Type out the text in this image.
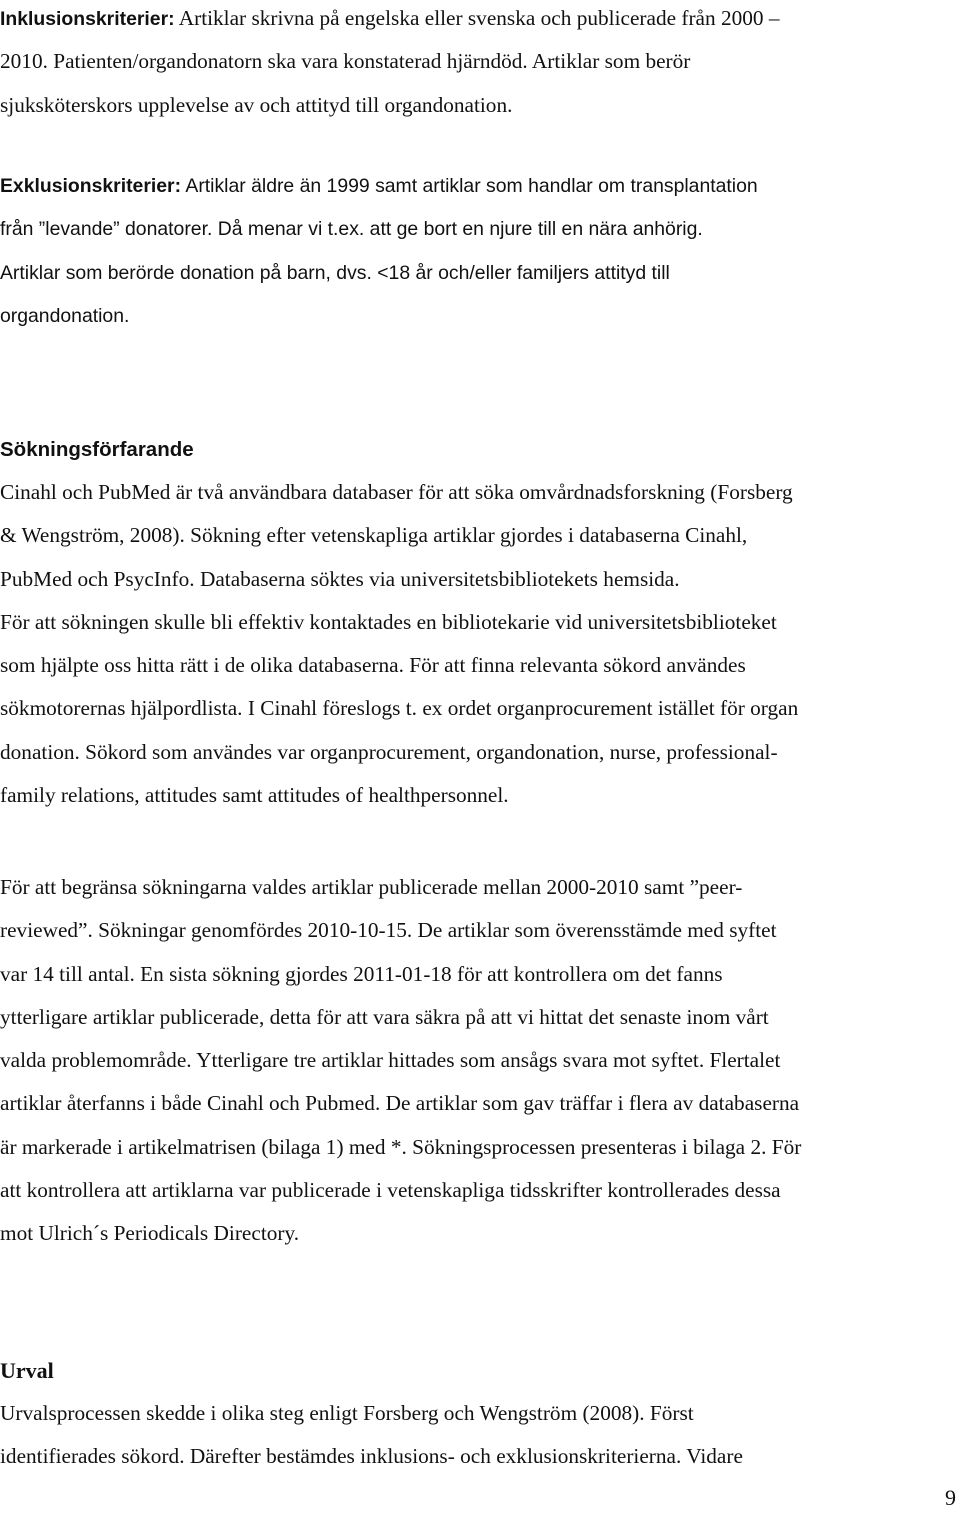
Inklusionskriterier: Artiklar skrivna på engelska eller svenska och publicerade från 2000 –
2010. Patienten/organdonatorn ska vara konstaterad hjärndöd. Artiklar som berör
sjuksköterskors upplevelse av och attityd till organdonation.
Exklusionskriterier: Artiklar äldre än 1999 samt artiklar som handlar om transplantation
från ”levande” donatorer. Då menar vi t.ex. att ge bort en njure till en nära anhörig.
Artiklar som berörde donation på barn, dvs. <18 år och/eller familjers attityd till
organdonation.
Sökningsförfarande
Cinahl och PubMed är två användbara databaser för att söka omvårdnadsforskning (Forsberg
& Wengström, 2008). Sökning efter vetenskapliga artiklar gjordes i databaserna Cinahl,
PubMed och PsycInfo. Databaserna söktes via universitetsbibliotekets hemsida.
För att sökningen skulle bli effektiv kontaktades en bibliotekarie vid universitetsbiblioteket
som hjälpte oss hitta rätt i de olika databaserna. För att finna relevanta sökord användes
sökmotorernas hjälpordlista. I Cinahl föreslogs t. ex ordet organprocurement istället för organ
donation. Sökord som användes var organprocurement, organdonation, nurse, professional-
family relations, attitudes samt attitudes of healthpersonnel.
För att begränsa sökningarna valdes artiklar publicerade mellan 2000-2010 samt ”peer-
reviewed”. Sökningar genomfördes 2010-10-15. De artiklar som överensstämde med syftet
var 14 till antal. En sista sökning gjordes 2011-01-18 för att kontrollera om det fanns
ytterligare artiklar publicerade, detta för att vara säkra på att vi hittat det senaste inom vårt
valda problemområde. Ytterligare tre artiklar hittades som ansågs svara mot syftet. Flertalet
artiklar återfanns i både Cinahl och Pubmed. De artiklar som gav träffar i flera av databaserna
är markerade i artikelmatrisen (bilaga 1) med *. Sökningsprocessen presenteras i bilaga 2. För
att kontrollera att artiklarna var publicerade i vetenskapliga tidsskrifter kontrollerades dessa
mot Ulrich´s Periodicals Directory.
Urval
Urvalsprocessen skedde i olika steg enligt Forsberg och Wengström (2008). Först
identifierades sökord. Därefter bestämdes inklusions- och exklusionskriterierna. Vidare
9
